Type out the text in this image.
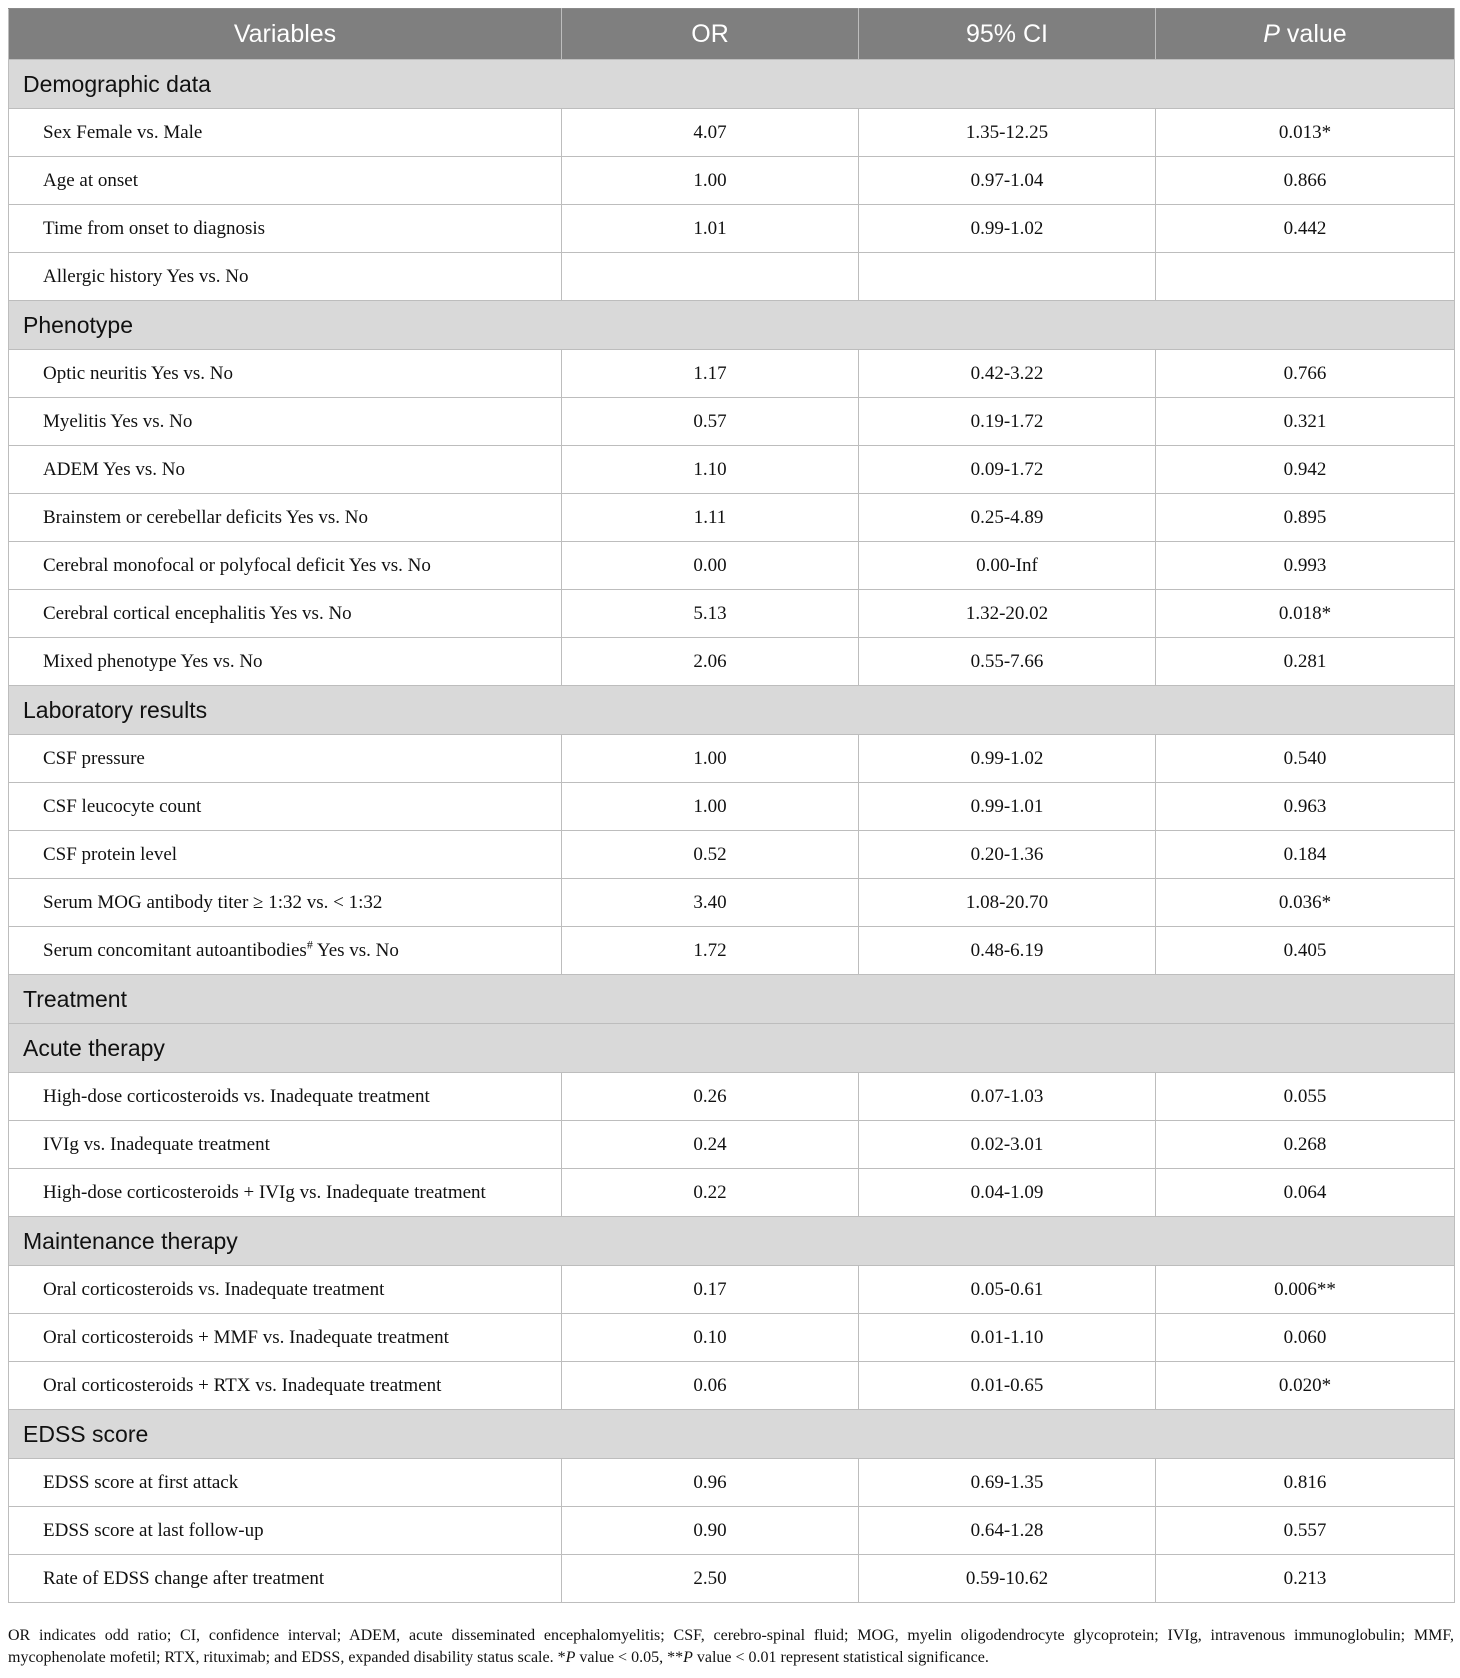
Variables	OR	95% CI	P value
Demographic data			
Sex Female vs. Male	4.07	1.35-12.25	0.013*
Age at onset	1.00	0.97-1.04	0.866
Time from onset to diagnosis	1.01	0.99-1.02	0.442
Allergic history Yes vs. No			
Phenotype			
Optic neuritis Yes vs. No	1.17	0.42-3.22	0.766
Myelitis Yes vs. No	0.57	0.19-1.72	0.321
ADEM Yes vs. No	1.10	0.09-1.72	0.942
Brainstem or cerebellar deficits Yes vs. No	1.11	0.25-4.89	0.895
Cerebral monofocal or polyfocal deficit Yes vs. No	0.00	0.00-Inf	0.993
Cerebral cortical encephalitis Yes vs. No	5.13	1.32-20.02	0.018*
Mixed phenotype Yes vs. No	2.06	0.55-7.66	0.281
Laboratory results			
CSF pressure	1.00	0.99-1.02	0.540
CSF leucocyte count	1.00	0.99-1.01	0.963
CSF protein level	0.52	0.20-1.36	0.184
Serum MOG antibody titer ≥ 1:32 vs. < 1:32	3.40	1.08-20.70	0.036*
Serum concomitant autoantibodies# Yes vs. No	1.72	0.48-6.19	0.405
Treatment			
Acute therapy			
High-dose corticosteroids vs. Inadequate treatment	0.26	0.07-1.03	0.055
IVIg vs. Inadequate treatment	0.24	0.02-3.01	0.268
High-dose corticosteroids + IVIg vs. Inadequate treatment	0.22	0.04-1.09	0.064
Maintenance therapy			
Oral corticosteroids vs. Inadequate treatment	0.17	0.05-0.61	0.006**
Oral corticosteroids + MMF vs. Inadequate treatment	0.10	0.01-1.10	0.060
Oral corticosteroids + RTX vs. Inadequate treatment	0.06	0.01-0.65	0.020*
EDSS score			
EDSS score at first attack	0.96	0.69-1.35	0.816
EDSS score at last follow-up	0.90	0.64-1.28	0.557
Rate of EDSS change after treatment	2.50	0.59-10.62	0.213
OR indicates odd ratio; CI, confidence interval; ADEM, acute disseminated encephalomyelitis; CSF, cerebro-spinal fluid; MOG, myelin oligodendrocyte glycoprotein; IVIg, intravenous immunoglobulin; MMF, mycophenolate mofetil; RTX, rituximab; and EDSS, expanded disability status scale. *P value < 0.05, **P value < 0.01 represent statistical significance.
